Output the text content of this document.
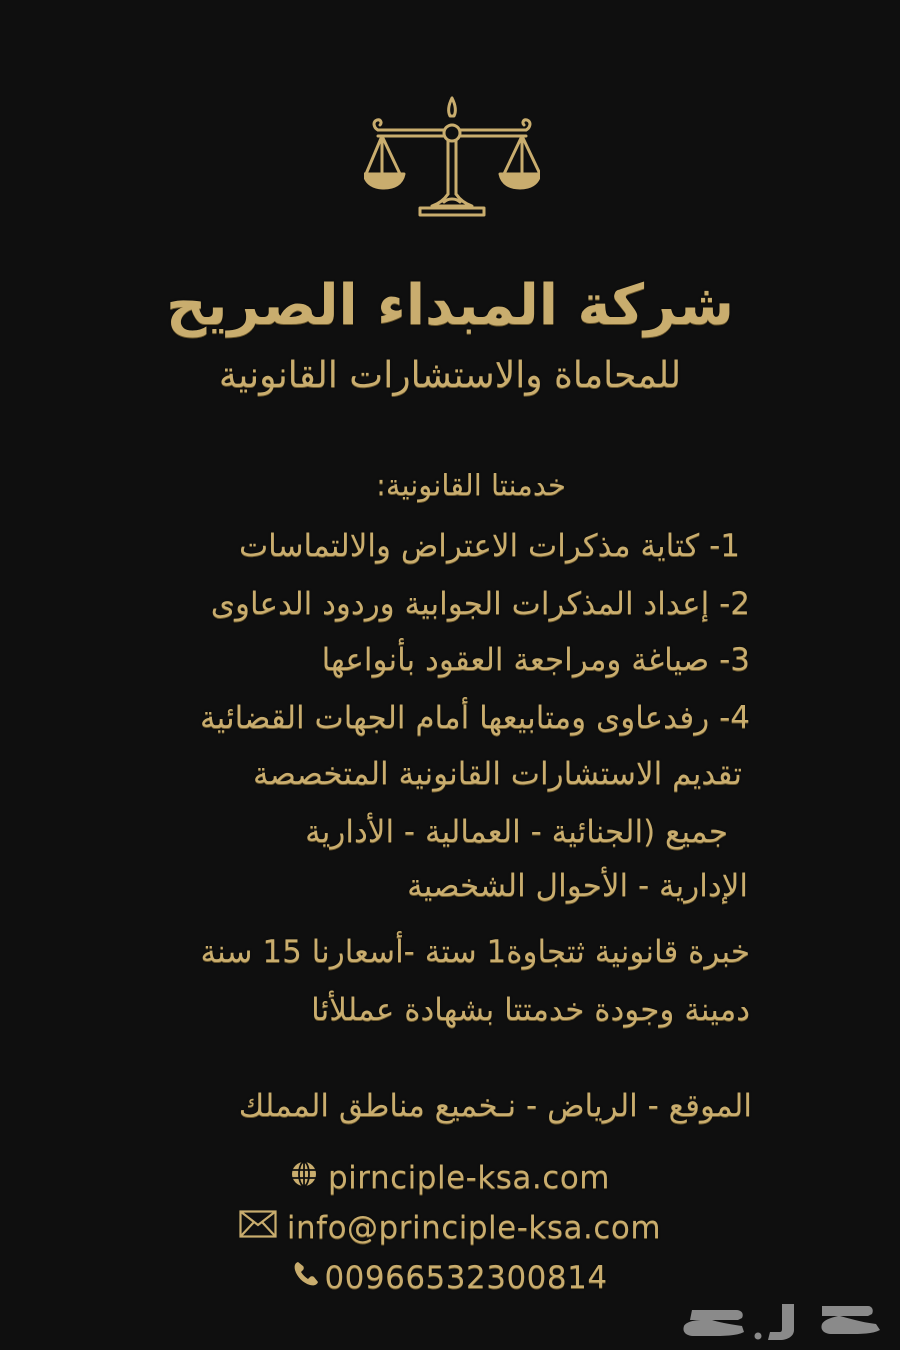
شركة المبداء الصريح
للمحاماة والاستشارات القانونية
خدمنتا القانونية:
1- كتاية مذكرات الاعتراض والالتماسات
2- إعداد المذكرات الجوابية وردود الدعاوى
3- صياغة ومراجعة العقود بأنواعها
4- رفدعاوى ومتابيعها أمام الجهات القضائية
تقديم الاستشارات القانونية المتخصصة
جميع (الجنائية - العمالية - الأدارية
الإدارية - الأحوال الشخصية
خبرة قانونية ثتجاوة1 ستة -أسعارنا 15 سنة
دمينة وجودة خدمتتا بشهادة عمللأئا
الموقع - الرياض - نـخميع مناطق المملك
pirnciple-ksa.com
info@principle-ksa.com
00966532300814
